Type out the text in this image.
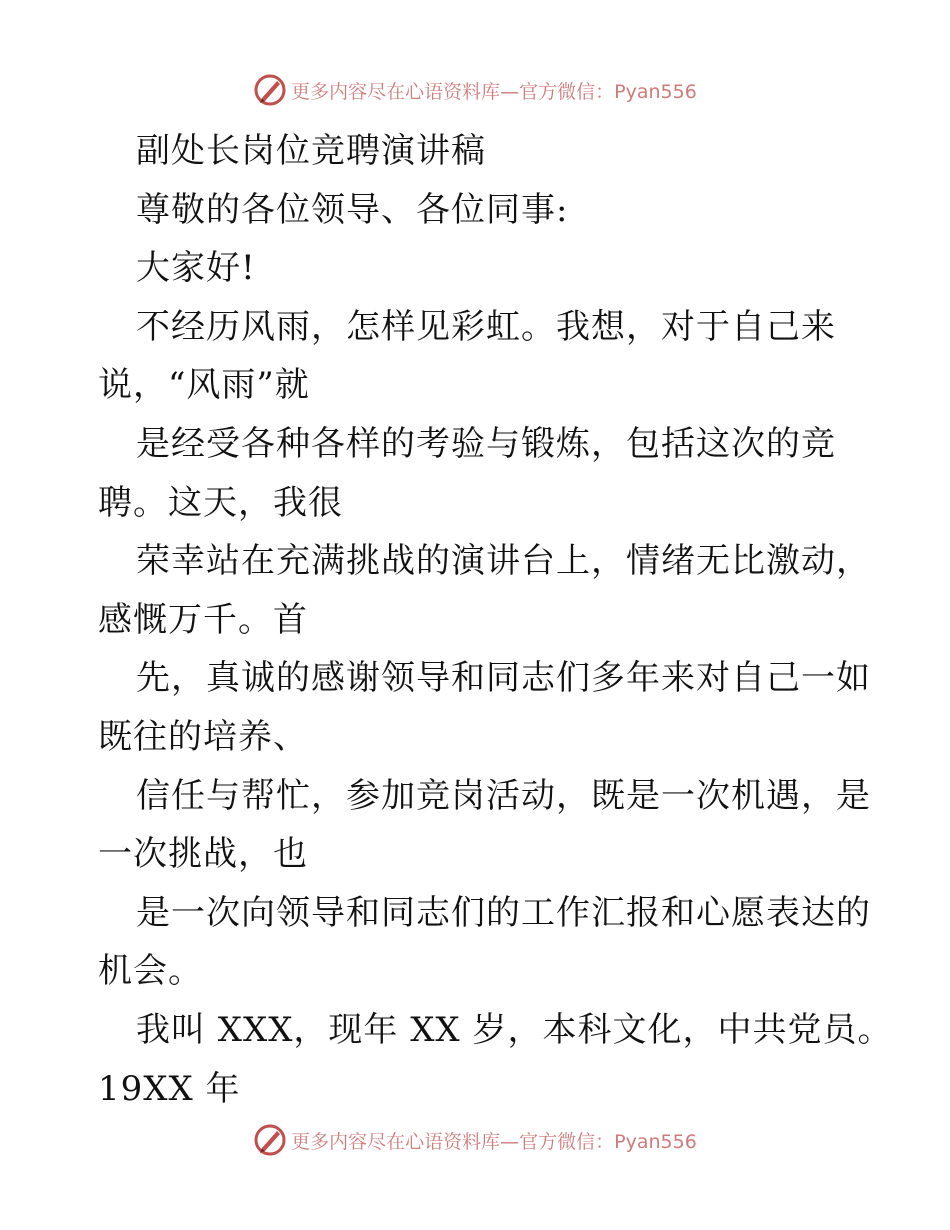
更多内容尽在心语资料库—官方微信：Pyan556
副处长岗位竞聘演讲稿
尊敬的各位领导、各位同事:
大家好!
不经历风雨，怎样见彩虹。我想，对于自己来
说，“风雨”就
是经受各种各样的考验与锻炼，包括这次的竞
聘。这天，我很
荣幸站在充满挑战的演讲台上，情绪无比激动，
感慨万千。首
先，真诚的感谢领导和同志们多年来对自己一如
既往的培养、
信任与帮忙，参加竞岗活动，既是一次机遇，是
一次挑战，也
是一次向领导和同志们的工作汇报和心愿表达的
机会。
我叫 XXX，现年 XX 岁，本科文化，中共党员。
19XX 年
更多内容尽在心语资料库—官方微信：Pyan556
